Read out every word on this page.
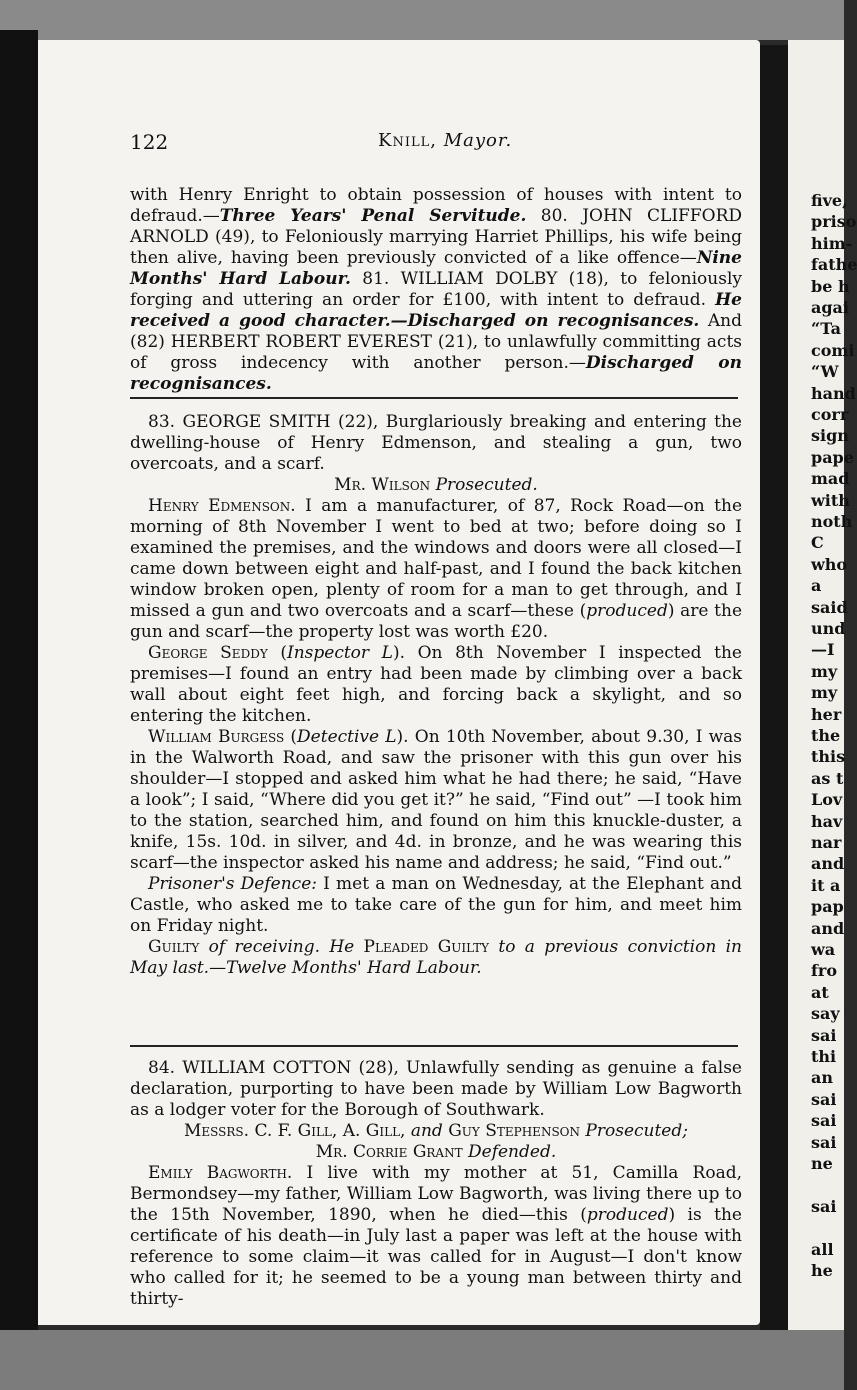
122	Knill, Mayor.

with Henry Enright to obtain possession of houses with intent to defraud.—Three Years' Penal Servitude. 80. JOHN CLIFFORD ARNOLD (49), to Feloniously marrying Harriet Phillips, his wife being then alive, having been previously convicted of a like offence—Nine Months' Hard Labour. 81. WILLIAM DOLBY (18), to feloniously forging and uttering an order for £100, with intent to defraud. He received a good character.—Discharged on recognisances. And (82) HERBERT ROBERT EVEREST (21), to unlawfully committing acts of gross indecency with another person.—Discharged on recognisances.

83. GEORGE SMITH (22), Burglariously breaking and entering the dwelling-house of Henry Edmenson, and stealing a gun, two overcoats, and a scarf.

Mr. Wilson Prosecuted.

Henry Edmenson. I am a manufacturer, of 87, Rock Road—on the morning of 8th November I went to bed at two; before doing so I examined the premises, and the windows and doors were all closed—I came down between eight and half-past, and I found the back kitchen window broken open, plenty of room for a man to get through, and I missed a gun and two overcoats and a scarf—these (produced) are the gun and scarf—the property lost was worth £20.

George Seddy (Inspector L). On 8th November I inspected the premises—I found an entry had been made by climbing over a back wall about eight feet high, and forcing back a skylight, and so entering the kitchen.

William Burgess (Detective L). On 10th November, about 9.30, I was in the Walworth Road, and saw the prisoner with this gun over his shoulder—I stopped and asked him what he had there; he said, “Have a look”; I said, “Where did you get it?” he said, “Find out” —I took him to the station, searched him, and found on him this knuckle-duster, a knife, 15s. 10d. in silver, and 4d. in bronze, and he was wearing this scarf—the inspector asked his name and address; he said, “Find out.”

Prisoner's Defence: I met a man on Wednesday, at the Elephant and Castle, who asked me to take care of the gun for him, and meet him on Friday night.

Guilty of receiving. He Pleaded Guilty to a previous conviction in May last.—Twelve Months' Hard Labour.

84. WILLIAM COTTON (28), Unlawfully sending as genuine a false declaration, purporting to have been made by William Low Bagworth as a lodger voter for the Borough of Southwark.

Messrs. C. F. Gill, A. Gill, and Guy Stephenson Prosecuted;

Mr. Corrie Grant Defended.

Emily Bagworth. I live with my mother at 51, Camilla Road, Bermondsey—my father, William Low Bagworth, was living there up to the 15th November, 1890, when he died—this (produced) is the certificate of his death—in July last a paper was left at the house with reference to some claim—it was called for in August—I don't know who called for it; he seemed to be a young man between thirty and thirty-

five,
priso
him-
fathe
be h
agai
“Ta
comi
“W
hand
corr
sign
pape
mad
with
noth
C
who
a
said
und
—I
my
my
her
the
this
as t
Lov
hav
nar
and
it a
pap
and
wa
fro
at
say
sai
thi
an
sai
sai
sai
ne
sai
all
he
